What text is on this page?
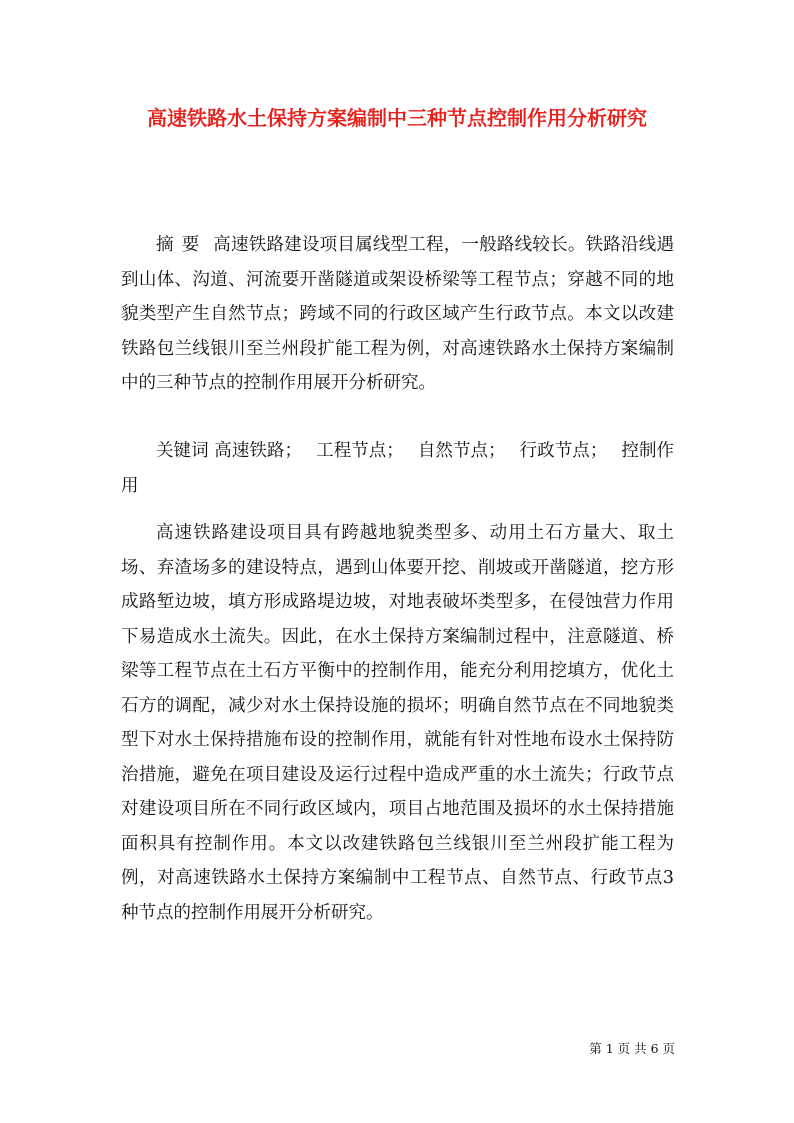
高速铁路水土保持方案编制中三种节点控制作用分析研究

摘要 高速铁路建设项目属线型工程，一般路线较长。铁路沿线遇到山体、沟道、河流要开凿隧道或架设桥梁等工程节点；穿越不同的地貌类型产生自然节点；跨域不同的行政区域产生行政节点。本文以改建铁路包兰线银川至兰州段扩能工程为例，对高速铁路水土保持方案编制中的三种节点的控制作用展开分析研究。

关键词 高速铁路； 工程节点； 自然节点； 行政节点； 控制作用

高速铁路建设项目具有跨越地貌类型多、动用土石方量大、取土场、弃渣场多的建设特点，遇到山体要开挖、削坡或开凿隧道，挖方形成路堑边坡，填方形成路堤边坡，对地表破坏类型多，在侵蚀营力作用下易造成水土流失。因此，在水土保持方案编制过程中，注意隧道、桥梁等工程节点在土石方平衡中的控制作用，能充分利用挖填方，优化土石方的调配，减少对水土保持设施的损坏；明确自然节点在不同地貌类型下对水土保持措施布设的控制作用，就能有针对性地布设水土保持防治措施，避免在项目建设及运行过程中造成严重的水土流失；行政节点对建设项目所在不同行政区域内，项目占地范围及损坏的水土保持措施面积具有控制作用。本文以改建铁路包兰线银川至兰州段扩能工程为例，对高速铁路水土保持方案编制中工程节点、自然节点、行政节点3种节点的控制作用展开分析研究。

第 1 页 共 6 页
